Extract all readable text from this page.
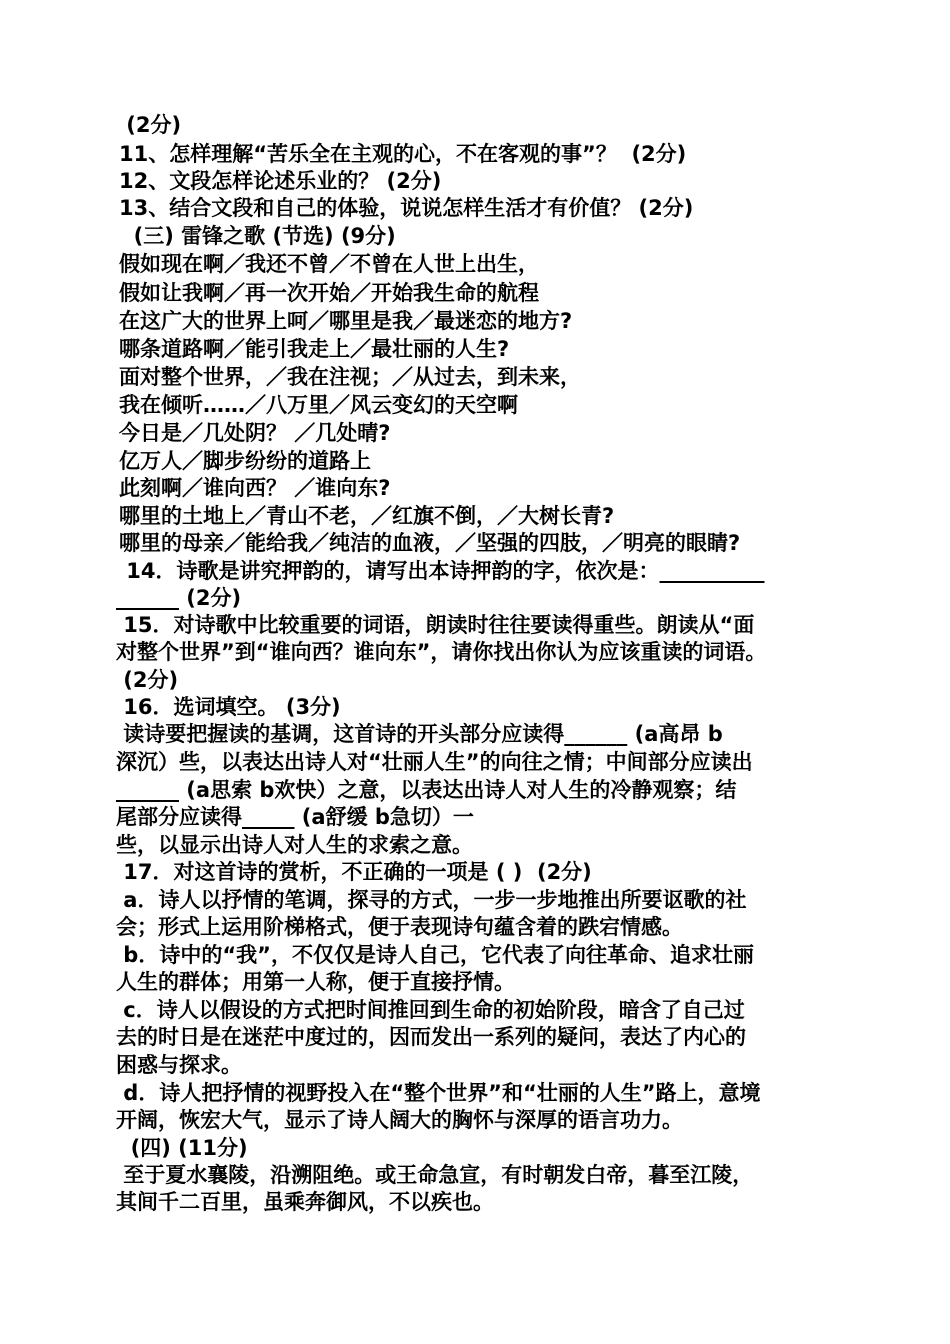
(2分)
11、怎样理解“苦乐全在主观的心，不在客观的事”？  (2分)
12、文段怎样论述乐业的？ (2分)
13、结合文段和自己的体验，说说怎样生活才有价值？ (2分)
(三) 雷锋之歌 (节选) (9分)
假如现在啊／我还不曾／不曾在人世上出生，
假如让我啊／再一次开始／开始我生命的航程
在这广大的世界上呵／哪里是我／最迷恋的地方?
哪条道路啊／能引我走上／最壮丽的人生?
面对整个世界，／我在注视；／从过去，到未来，
我在倾听……／八万里／风云变幻的天空啊
今日是／几处阴？ ／几处晴?
亿万人／脚步纷纷的道路上
此刻啊／谁向西？ ／谁向东?
哪里的土地上／青山不老，／红旗不倒，／大树长青?
哪里的母亲／能给我／纯洁的血液，／坚强的四肢，／明亮的眼睛?
14．诗歌是讲究押韵的，请写出本诗押韵的字，依次是：__________
______ (2分)
15．对诗歌中比较重要的词语，朗读时往往要读得重些。朗读从“面
对整个世界”到“谁向西？谁向东”，请你找出你认为应该重读的词语。
(2分)
16．选词填空。 (3分)
读诗要把握读的基调，这首诗的开头部分应读得______ (a高昂 b
深沉）些，以表达出诗人对“壮丽人生”的向往之情；中间部分应读出
______ (a思索 b欢快）之意，以表达出诗人对人生的冷静观察；结
尾部分应读得_____ (a舒缓 b急切）一
些，以显示出诗人对人生的求索之意。
17．对这首诗的赏析，不正确的一项是 ( )  (2分)
a．诗人以抒情的笔调，探寻的方式，一步一步地推出所要讴歌的社
会；形式上运用阶梯格式，便于表现诗句蕴含着的跌宕情感。
b．诗中的“我”，不仅仅是诗人自己，它代表了向往革命、追求壮丽
人生的群体；用第一人称，便于直接抒情。
c．诗人以假设的方式把时间推回到生命的初始阶段，暗含了自己过
去的时日是在迷茫中度过的，因而发出一系列的疑问，表达了内心的
困惑与探求。
d．诗人把抒情的视野投入在“整个世界”和“壮丽的人生”路上，意境
开阔，恢宏大气，显示了诗人阔大的胸怀与深厚的语言功力。
(四) (11分)
至于夏水襄陵，沿溯阻绝。或王命急宣，有时朝发白帝，暮至江陵，
其间千二百里，虽乘奔御风，不以疾也。
